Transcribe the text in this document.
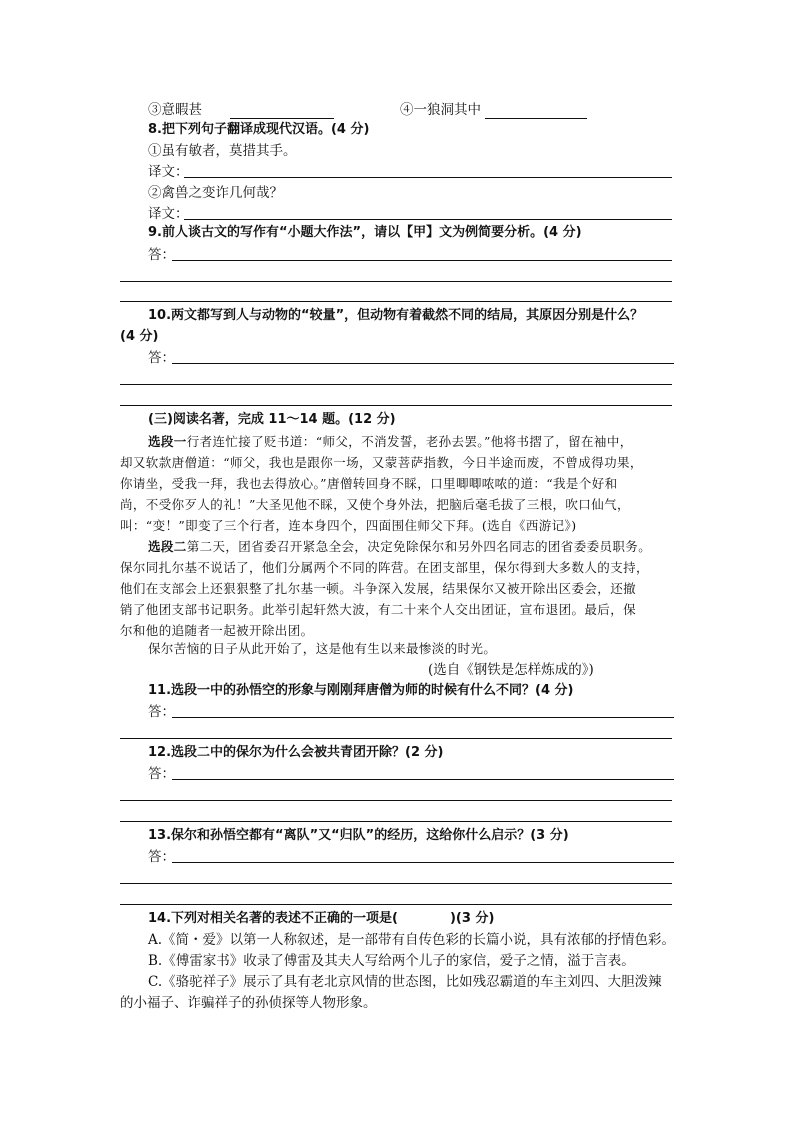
③意暇甚	④一狼洞其中
8.把下列句子翻译成现代汉语。(4 分)
①虽有敏者，莫措其手。
译文：
②禽兽之变诈几何哉？
译文：
9.前人谈古文的写作有“小题大作法”，请以【甲】文为例简要分析。(4 分)
答：
10.两文都写到人与动物的“较量”，但动物有着截然不同的结局，其原因分别是什么？
(4 分)
答：
(三)阅读名著，完成 11～14 题。(12 分)
选段一行者连忙接了贬书道：“师父，不消发誓，老孙去罢。”他将书摺了，留在袖中，
却又软款唐僧道：“师父，我也是跟你一场，又蒙菩萨指教，今日半途而废，不曾成得功果，
你请坐，受我一拜，我也去得放心。”唐僧转回身不睬，口里唧唧哝哝的道：“我是个好和
尚，不受你歹人的礼！”大圣见他不睬，又使个身外法，把脑后毫毛拔了三根，吹口仙气，
叫：“变！”即变了三个行者，连本身四个，四面围住师父下拜。(选自《西游记》)
选段二第二天，团省委召开紧急全会，决定免除保尔和另外四名同志的团省委委员职务。
保尔同扎尔基不说话了，他们分属两个不同的阵营。在团支部里，保尔得到大多数人的支持，
他们在支部会上还狠狠整了扎尔基一顿。斗争深入发展，结果保尔又被开除出区委会，还撤
销了他团支部书记职务。此举引起轩然大波，有二十来个人交出团证，宣布退团。最后，保
尔和他的追随者一起被开除出团。
保尔苦恼的日子从此开始了，这是他有生以来最惨淡的时光。
(选自《钢铁是怎样炼成的》)
11.选段一中的孙悟空的形象与刚刚拜唐僧为师的时候有什么不同？(4 分)
答：
12.选段二中的保尔为什么会被共青团开除？(2 分)
答：
13.保尔和孙悟空都有“离队”又“归队”的经历，这给你什么启示？(3 分)
答：
14.下列对相关名著的表述不正确的一项是(	)(3 分)
A.《简・爱》以第一人称叙述，是一部带有自传色彩的长篇小说，具有浓郁的抒情色彩。
B.《傅雷家书》收录了傅雷及其夫人写给两个儿子的家信，爱子之情，溢于言表。
C.《骆驼祥子》展示了具有老北京风情的世态图，比如残忍霸道的车主刘四、大胆泼辣
的小福子、诈骗祥子的孙侦探等人物形象。
